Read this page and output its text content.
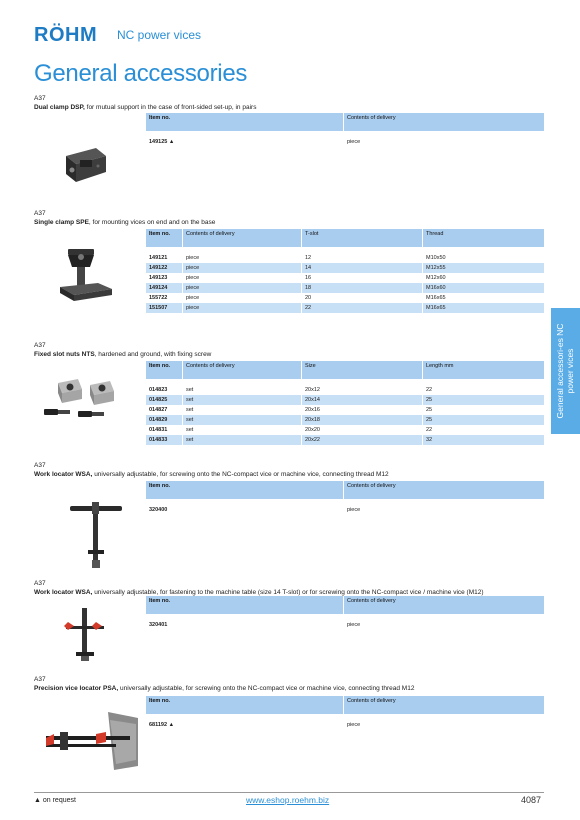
RÖHM NC power vices
General accessories
General accessori-es NC power vices
A37
Dual clamp DSP, for mutual support in the case of front-sided set-up, in pairs
Item no.	Contents of delivery

149125 ▲	piece
A37
Single clamp SPE, for mounting vices on end and on the base
Item no.	Contents of delivery	T-slot	Thread

149121	piece	12	M10x50
149122	piece	14	M12x55
149123	piece	16	M12x60
149124	piece	18	M16x60
155722	piece	20	M16x65
151507	piece	22	M16x65
A37
Fixed slot nuts NTS, hardened and ground, with fixing screw
Item no.	Contents of delivery	Size	Length mm

014823	set	20x12	22
014825	set	20x14	25
014827	set	20x16	25
014829	set	20x18	25
014831	set	20x20	22
014833	set	20x22	32
A37
Work locator WSA, universally adjustable, for screwing onto the NC-compact vice or machine vice, connecting thread M12
Item no.	Contents of delivery

320400	piece
A37
Work locator WSA, universally adjustable, for fastening to the machine table (size 14 T-slot) or for screwing onto the NC-compact vice / machine vice (M12)
Item no.	Contents of delivery

320401	piece
A37
Precision vice locator PSA, universally adjustable, for screwing onto the NC-compact vice or machine vice, connecting thread M12
Item no.	Contents of delivery

681192 ▲	piece
▲ on request	www.eshop.roehm.biz	4087
